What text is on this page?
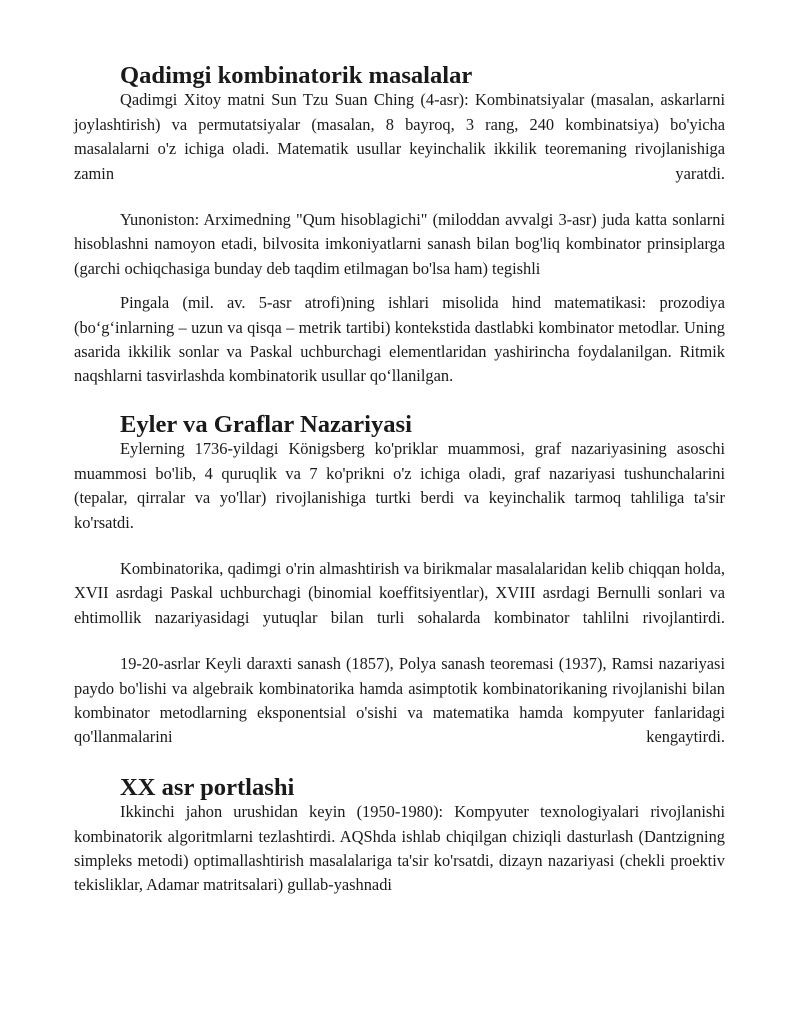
Qadimgi kombinatorik masalalar

Qadimgi Xitoy matni Sun Tzu Suan Ching (4-asr): Kombinatsiyalar (masalan, askarlarni joylashtirish) va permutatsiyalar (masalan, 8 bayroq, 3 rang, 240 kombinatsiya) bo'yicha masalalarni o'z ichiga oladi. Matematik usullar keyinchalik ikkilik teoremaning rivojlanishiga zamin yaratdi.

Yunoniston: Arximedning "Qum hisoblagichi" (miloddan avvalgi 3-asr) juda katta sonlarni hisoblashni namoyon etadi, bilvosita imkoniyatlarni sanash bilan bog'liq kombinator prinsiplarga (garchi ochiqchasiga bunday deb taqdim etilmagan bo'lsa ham) tegishli

Pingala (mil. av. 5-asr atrofi)ning ishlari misolida hind matematikasi: prozodiya (bo‘g‘inlarning – uzun va qisqa – metrik tartibi) kontekstida dastlabki kombinator metodlar. Uning asarida ikkilik sonlar va Paskal uchburchagi elementlaridan yashirincha foydalanilgan. Ritmik naqshlarni tasvirlashda kombinatorik usullar qo‘llanilgan.

Eyler va Graflar Nazariyasi

Eylerning 1736-yildagi Königsberg ko'priklar muammosi, graf nazariyasining asoschi muammosi bo'lib, 4 quruqlik va 7 ko'prikni o'z ichiga oladi, graf nazariyasi tushunchalarini (tepalar, qirralar va yo'llar) rivojlanishiga turtki berdi va keyinchalik tarmoq tahliliga ta'sir ko'rsatdi.

Kombinatorika, qadimgi o'rin almashtirish va birikmalar masalalaridan kelib chiqqan holda, XVII asrdagi Paskal uchburchagi (binomial koeffitsiyentlar), XVIII asrdagi Bernulli sonlari va ehtimollik nazariyasidagi yutuqlar bilan turli sohalarda kombinator tahlilni rivojlantirdi.

19-20-asrlar Keyli daraxti sanash (1857), Polya sanash teoremasi (1937), Ramsi nazariyasi paydo bo'lishi va algebraik kombinatorika hamda asimptotik kombinatorikaning rivojlanishi bilan kombinator metodlarning eksponentsial o'sishi va matematika hamda kompyuter fanlaridagi qo'llanmalarini kengaytirdi.

XX asr portlashi

Ikkinchi jahon urushidan keyin (1950-1980): Kompyuter texnologiyalari rivojlanishi kombinatorik algoritmlarni tezlashtirdi. AQShda ishlab chiqilgan chiziqli dasturlash (Dantzigning simpleks metodi) optimallashtirish masalalariga ta'sir ko'rsatdi, dizayn nazariyasi (chekli proektiv tekisliklar, Adamar matritsalari) gullab-yashnadi
